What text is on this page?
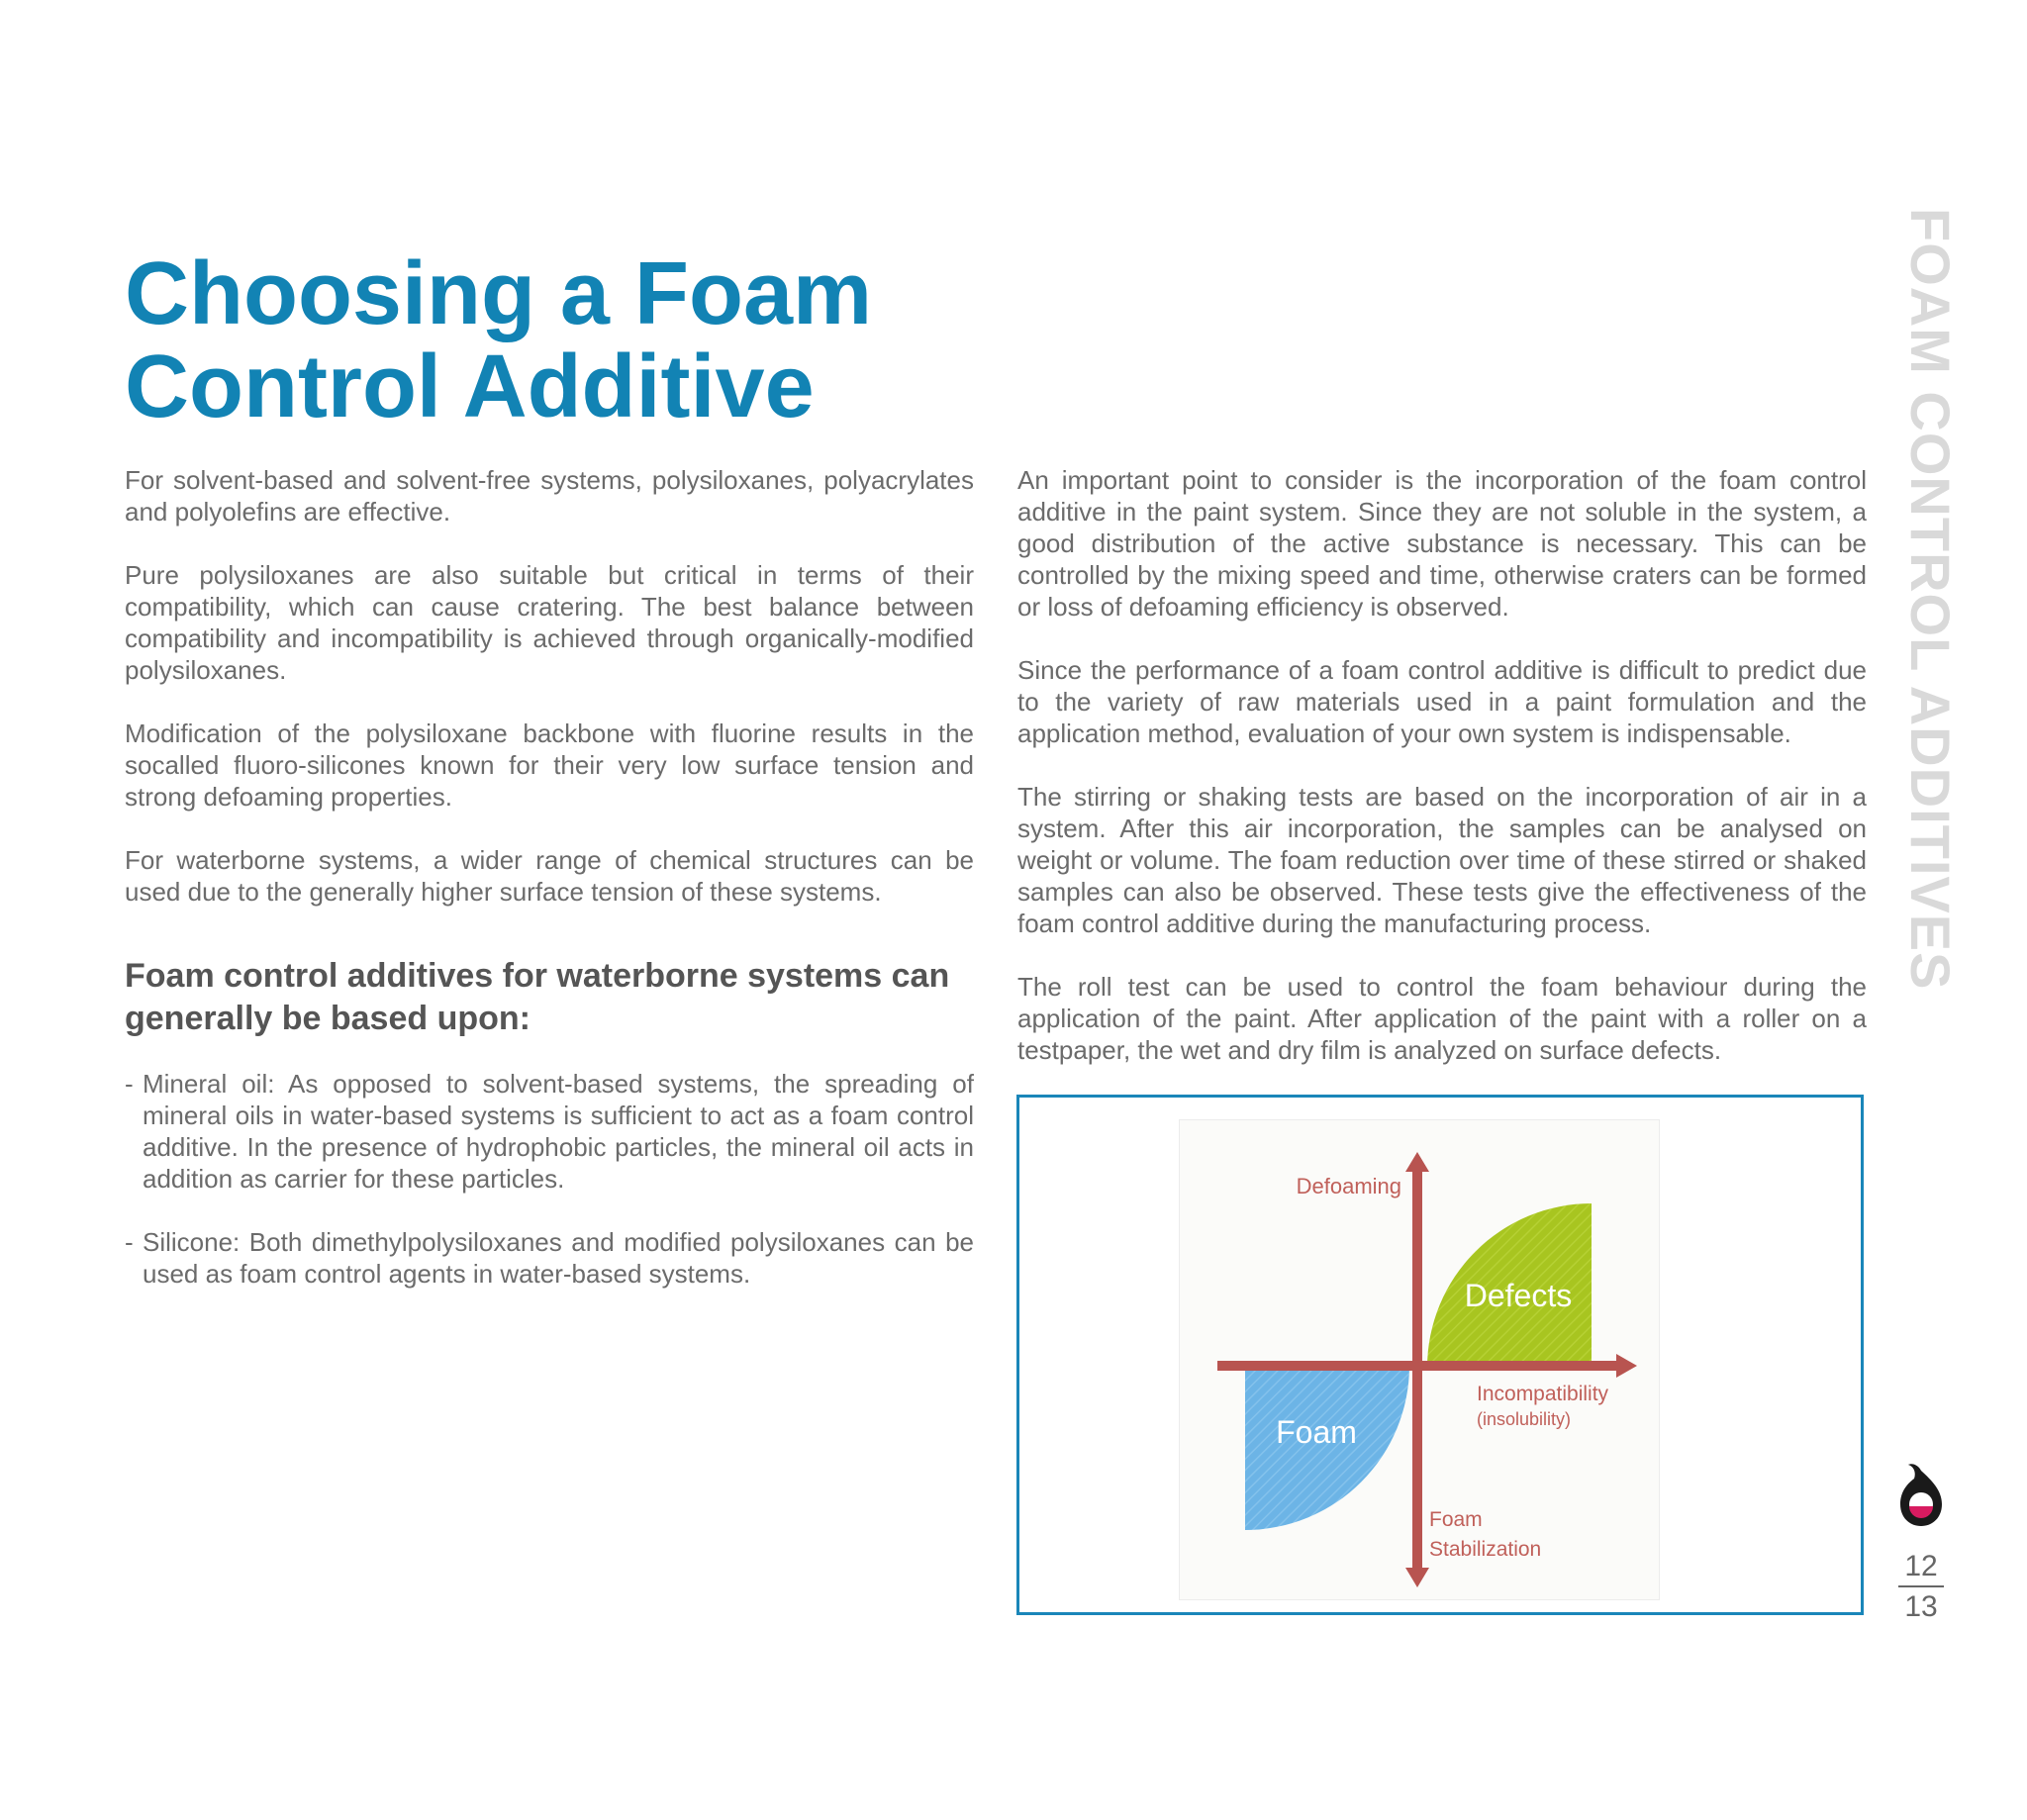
Choosing a Foam
Control Additive

For solvent-based and solvent-free systems, polysiloxanes, polyacrylates and polyolefins are effective.

Pure polysiloxanes are also suitable but critical in terms of their compatibility, which can cause cratering. The best balance between compatibility and incompatibility is achieved through organically-modified polysiloxanes.

Modification of the polysiloxane backbone with fluorine results in the socalled fluoro-silicones known for their very low surface tension and strong defoaming properties.

For waterborne systems, a wider range of chemical structures can be used due to the generally higher surface tension of these systems.

Foam control additives for waterborne systems can generally be based upon:
- Mineral oil: As opposed to solvent-based systems, the spreading of mineral oils in water-based systems is sufficient to act as a foam control additive. In the presence of hydrophobic particles, the mineral oil acts in addition as carrier for these particles.
- Silicone: Both dimethylpolysiloxanes and modified polysiloxanes can be used as foam control agents in water-based systems.

An important point to consider is the incorporation of the foam control additive in the paint system. Since they are not soluble in the system, a good distribution of the active substance is necessary. This can be controlled by the mixing speed and time, otherwise craters can be formed or loss of defoaming efficiency is observed.

Since the performance of a foam control additive is difficult to predict due to the variety of raw materials used in a paint formulation and the application method, evaluation of your own system is indispensable.

The stirring or shaking tests are based on the incorporation of air in a system. After this air incorporation, the samples can be analysed on weight or volume. The foam reduction over time of these stirred or shaked samples can also be observed. These tests give the effectiveness of the foam control additive during the manufacturing process.

The roll test can be used to control the foam behaviour during the application of the paint. After application of the paint with a roller on a testpaper, the wet and dry film is analyzed on surface defects.

Defoaming
Defects
Incompatibility
(insolubility)
Foam
Foam
Stabilization
FOAM CONTROL ADDITIVES
12
13
